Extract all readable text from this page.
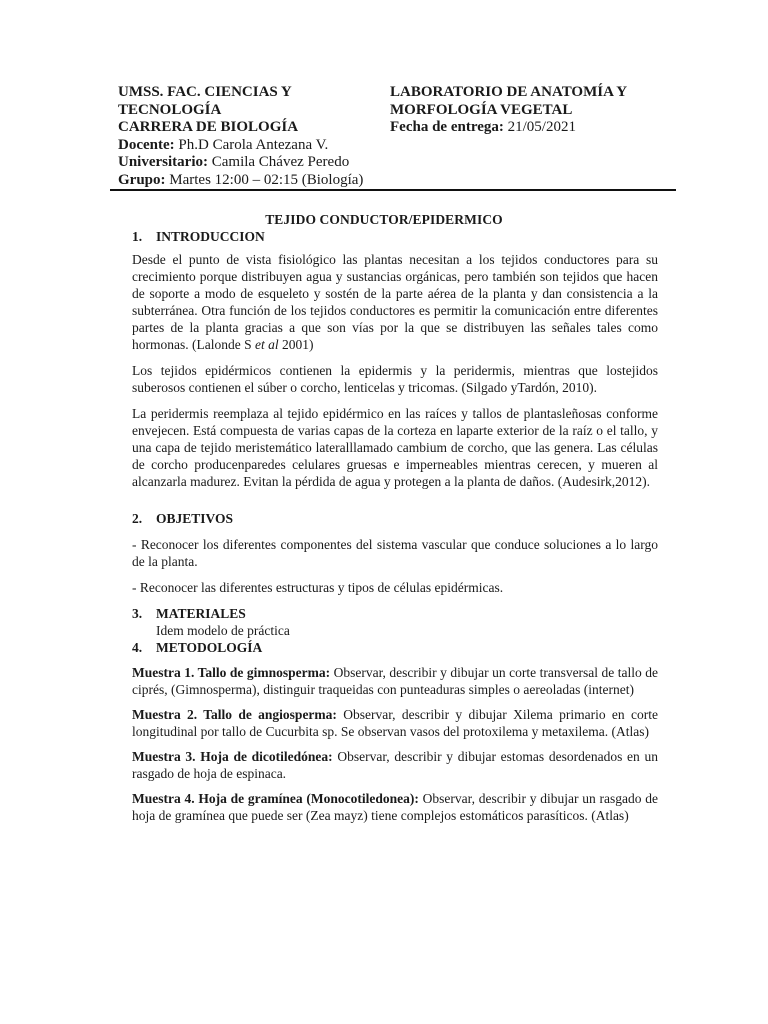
UMSS. FAC. CIENCIAS Y
TECNOLOGÍA
CARRERA DE BIOLOGÍA
Docente: Ph.D Carola Antezana V.
Universitario: Camila Chávez Peredo
Grupo: Martes 12:00 – 02:15 (Biología)
LABORATORIO DE ANATOMÍA Y
MORFOLOGÍA VEGETAL
Fecha de entrega: 21/05/2021
TEJIDO CONDUCTOR/EPIDERMICO
1.	INTRODUCCION

Desde el punto de vista fisiológico las plantas necesitan a los tejidos conductores para su crecimiento porque distribuyen agua y sustancias orgánicas, pero también son tejidos que hacen de soporte a modo de esqueleto y sostén de la parte aérea de la planta y dan consistencia a la subterránea. Otra función de los tejidos conductores es permitir la comunicación entre diferentes partes de la planta gracias a que son vías por la que se distribuyen las señales tales como hormonas. (Lalonde S et al 2001)

Los tejidos epidérmicos contienen la epidermis y la peridermis, mientras que lostejidos suberosos contienen el súber o corcho, lenticelas y tricomas. (Silgado yTardón, 2010).

La peridermis reemplaza al tejido epidérmico en las raíces y tallos de plantasleñosas conforme envejecen. Está compuesta de varias capas de la corteza en laparte exterior de la raíz o el tallo, y una capa de tejido meristemático lateralllamado cambium de corcho, que las genera. Las células de corcho producenparedes celulares gruesas e imperneables mientras cerecen, y mueren al alcanzarla madurez. Evitan la pérdida de agua y protegen a la planta de daños. (Audesirk,2012).

2.	OBJETIVOS

- Reconocer los diferentes componentes del sistema vascular que conduce soluciones a lo largo de la planta.

- Reconocer las diferentes estructuras y tipos de células epidérmicas.

3.	MATERIALES
Idem modelo de práctica
4.	METODOLOGÍA

Muestra 1. Tallo de gimnosperma: Observar, describir y dibujar un corte transversal de tallo de ciprés, (Gimnosperma), distinguir traqueidas con punteaduras simples o aereoladas (internet)

Muestra 2. Tallo de angiosperma: Observar, describir y dibujar Xilema primario en corte longitudinal por tallo de Cucurbita sp. Se observan vasos del protoxilema y metaxilema. (Atlas)

Muestra 3. Hoja de dicotiledónea: Observar, describir y dibujar estomas desordenados en un rasgado de hoja de espinaca.

Muestra 4. Hoja de gramínea (Monocotiledonea): Observar, describir y dibujar un rasgado de hoja de gramínea que puede ser (Zea mayz) tiene complejos estomáticos parasíticos. (Atlas)
